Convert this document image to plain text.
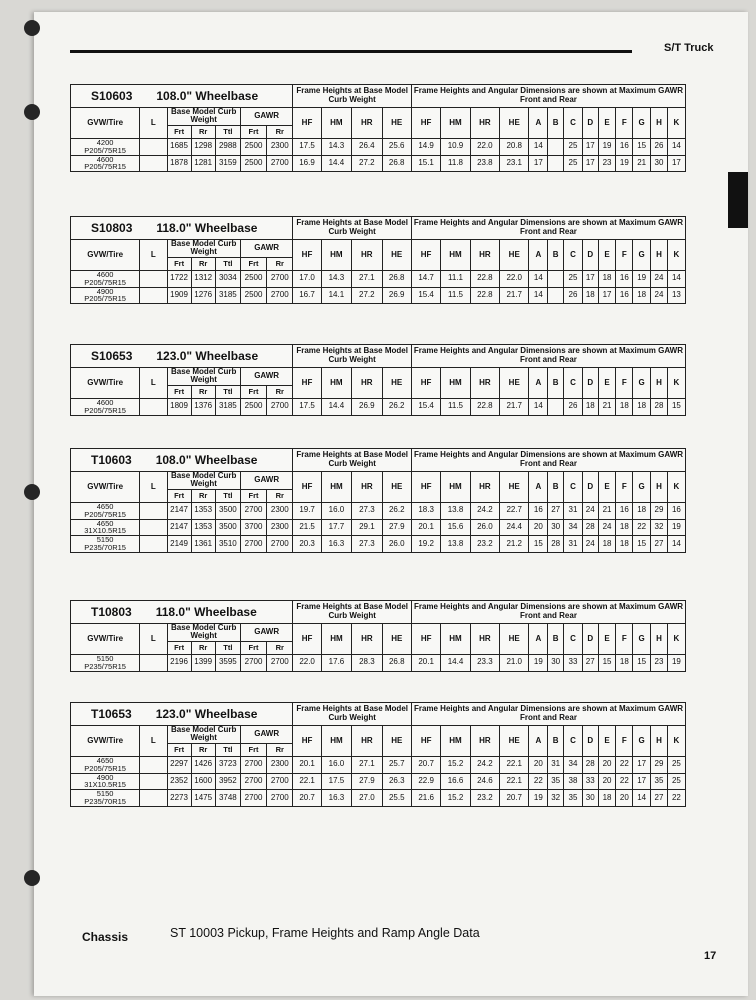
S/T Truck
S10603 108.0" Wheelbase							Frame Heights at Base Model Curb Weight				Frame Heights and Angular Dimensions are shown at Maximum GAWR Front and Rear												
GVW/Tire	L	Base Model Curb Weight			GAWR		HF	HM	HR	HE	HF	HM	HR	HE	A	B	C	D	E	F	G	H	K
		Frt	Rr	Ttl	Frt	Rr																	

4200
P205/75R15		1685	1298	2988	2500	2300	17.5	14.3	26.4	25.6	14.9	10.9	22.0	20.8	14		25	17	19	16	15	26	14

4600
P205/75R15		1878	1281	3159	2500	2700	16.9	14.4	27.2	26.8	15.1	11.8	23.8	23.1	17		25	17	23	19	21	30	17
S10803 118.0" Wheelbase							Frame Heights at Base Model Curb Weight				Frame Heights and Angular Dimensions are shown at Maximum GAWR Front and Rear												
GVW/Tire	L	Base Model Curb Weight			GAWR		HF	HM	HR	HE	HF	HM	HR	HE	A	B	C	D	E	F	G	H	K
		Frt	Rr	Ttl	Frt	Rr																	

4600
P205/75R15		1722	1312	3034	2500	2700	17.0	14.3	27.1	26.8	14.7	11.1	22.8	22.0	14		25	17	18	16	19	24	14

4900
P205/75R15		1909	1276	3185	2500	2700	16.7	14.1	27.2	26.9	15.4	11.5	22.8	21.7	14		26	18	17	16	18	24	13
S10653 123.0" Wheelbase							Frame Heights at Base Model Curb Weight				Frame Heights and Angular Dimensions are shown at Maximum GAWR Front and Rear												
GVW/Tire	L	Base Model Curb Weight			GAWR		HF	HM	HR	HE	HF	HM	HR	HE	A	B	C	D	E	F	G	H	K
		Frt	Rr	Ttl	Frt	Rr																	

4600
P205/75R15		1809	1376	3185	2500	2700	17.5	14.4	26.9	26.2	15.4	11.5	22.8	21.7	14		26	18	21	18	18	28	15
T10603 108.0" Wheelbase							Frame Heights at Base Model Curb Weight				Frame Heights and Angular Dimensions are shown at Maximum GAWR Front and Rear												
GVW/Tire	L	Base Model Curb Weight			GAWR		HF	HM	HR	HE	HF	HM	HR	HE	A	B	C	D	E	F	G	H	K
		Frt	Rr	Ttl	Frt	Rr																	

4650
P205/75R15		2147	1353	3500	2700	2300	19.7	16.0	27.3	26.2	18.3	13.8	24.2	22.7	16	27	31	24	21	16	18	29	16

4650
31X10.5R15		2147	1353	3500	3700	2300	21.5	17.7	29.1	27.9	20.1	15.6	26.0	24.4	20	30	34	28	24	18	22	32	19

5150
P235/70R15		2149	1361	3510	2700	2700	20.3	16.3	27.3	26.0	19.2	13.8	23.2	21.2	15	28	31	24	18	18	15	27	14
T10803 118.0" Wheelbase							Frame Heights at Base Model Curb Weight				Frame Heights and Angular Dimensions are shown at Maximum GAWR Front and Rear												
GVW/Tire	L	Base Model Curb Weight			GAWR		HF	HM	HR	HE	HF	HM	HR	HE	A	B	C	D	E	F	G	H	K
		Frt	Rr	Ttl	Frt	Rr																	

5150
P235/75R15		2196	1399	3595	2700	2700	22.0	17.6	28.3	26.8	20.1	14.4	23.3	21.0	19	30	33	27	15	18	15	23	19
T10653 123.0" Wheelbase							Frame Heights at Base Model Curb Weight				Frame Heights and Angular Dimensions are shown at Maximum GAWR Front and Rear												
GVW/Tire	L	Base Model Curb Weight			GAWR		HF	HM	HR	HE	HF	HM	HR	HE	A	B	C	D	E	F	G	H	K
		Frt	Rr	Ttl	Frt	Rr																	

4650
P205/75R15		2297	1426	3723	2700	2300	20.1	16.0	27.1	25.7	20.7	15.2	24.2	22.1	20	31	34	28	20	22	17	29	25

4900
31X10.5R15		2352	1600	3952	2700	2700	22.1	17.5	27.9	26.3	22.9	16.6	24.6	22.1	22	35	38	33	20	22	17	35	25

5150
P235/70R15		2273	1475	3748	2700	2700	20.7	16.3	27.0	25.5	21.6	15.2	23.2	20.7	19	32	35	30	18	20	14	27	22
Chassis	ST 10003 Pickup, Frame Heights and Ramp Angle Data
17
